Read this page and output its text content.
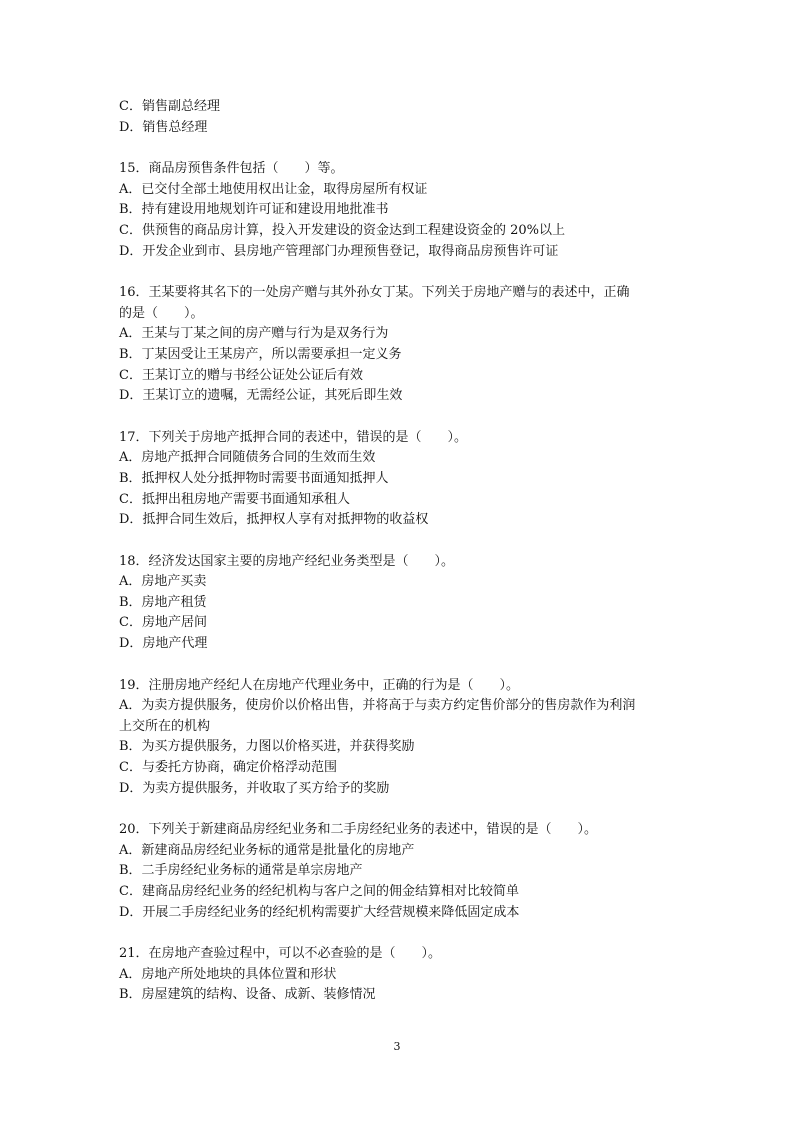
C．销售副总经理
D．销售总经理
15．商品房预售条件包括（　　）等。
A．已交付全部土地使用权出让金，取得房屋所有权证
B．持有建设用地规划许可证和建设用地批准书
C．供预售的商品房计算，投入开发建设的资金达到工程建设资金的 20%以上
D．开发企业到市、县房地产管理部门办理预售登记，取得商品房预售许可证
16．王某要将其名下的一处房产赠与其外孙女丁某。下列关于房地产赠与的表述中，正确
的是（　　）。
A．王某与丁某之间的房产赠与行为是双务行为
B．丁某因受让王某房产，所以需要承担一定义务
C．王某订立的赠与书经公证处公证后有效
D．王某订立的遗嘱，无需经公证，其死后即生效
17．下列关于房地产抵押合同的表述中，错误的是（　　）。
A．房地产抵押合同随债务合同的生效而生效
B．抵押权人处分抵押物时需要书面通知抵押人
C．抵押出租房地产需要书面通知承租人
D．抵押合同生效后，抵押权人享有对抵押物的收益权
18．经济发达国家主要的房地产经纪业务类型是（　　）。
A．房地产买卖
B．房地产租赁
C．房地产居间
D．房地产代理
19．注册房地产经纪人在房地产代理业务中，正确的行为是（　　）。
A．为卖方提供服务，使房价以价格出售，并将高于与卖方约定售价部分的售房款作为利润
上交所在的机构
B．为买方提供服务，力图以价格买进，并获得奖励
C．与委托方协商，确定价格浮动范围
D．为卖方提供服务，并收取了买方给予的奖励
20．下列关于新建商品房经纪业务和二手房经纪业务的表述中，错误的是（　　）。
A．新建商品房经纪业务标的通常是批量化的房地产
B．二手房经纪业务标的通常是单宗房地产
C．建商品房经纪业务的经纪机构与客户之间的佣金结算相对比较简单
D．开展二手房经纪业务的经纪机构需要扩大经营规模来降低固定成本
21．在房地产查验过程中，可以不必查验的是（　　）。
A．房地产所处地块的具体位置和形状
B．房屋建筑的结构、设备、成新、装修情况
3
